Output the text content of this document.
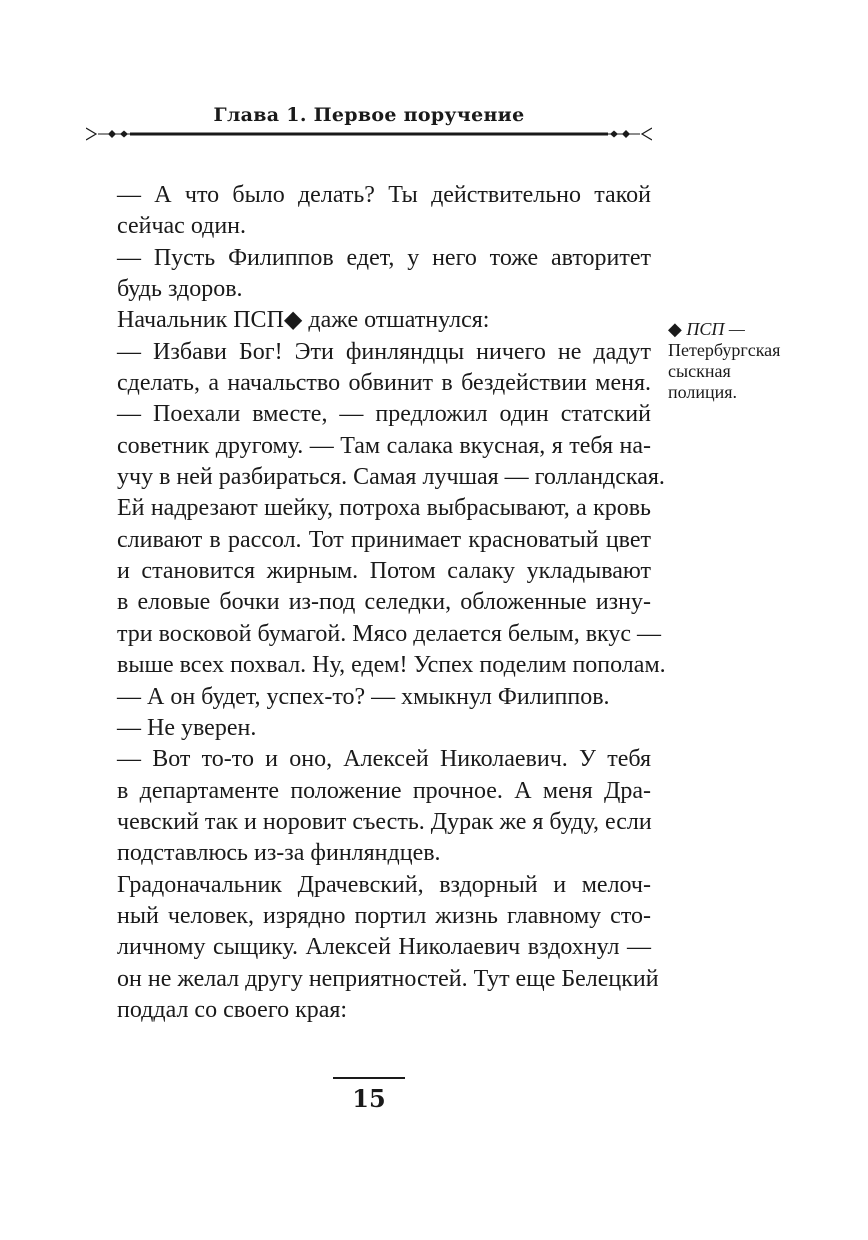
Глава 1. Первое поручение
— А что было делать? Ты действительно такой
сейчас один.
— Пусть Филиппов едет, у него тоже авторитет
будь здоров.
Начальник ПСП◆ даже отшатнулся:
— Избави Бог! Эти финляндцы ничего не дадут
сделать, а начальство обвинит в бездействии меня.
— Поехали вместе, — предложил один статский
советник другому. — Там салака вкусная, я тебя на-
учу в ней разбираться. Самая лучшая — голландская.
Ей надрезают шейку, потроха выбрасывают, а кровь
сливают в рассол. Тот принимает красноватый цвет
и становится жирным. Потом салаку укладывают
в еловые бочки из-под селедки, обложенные изну-
три восковой бумагой. Мясо делается белым, вкус —
выше всех похвал. Ну, едем! Успех поделим пополам.
— А он будет, успех-то? — хмыкнул Филиппов.
— Не уверен.
— Вот то-то и оно, Алексей Николаевич. У тебя
в департаменте положение прочное. А меня Дра-
чевский так и норовит съесть. Дурак же я буду, если
подставлюсь из-за финляндцев.
Градоначальник Драчевский, вздорный и мелоч-
ный человек, изрядно портил жизнь главному сто-
личному сыщику. Алексей Николаевич вздохнул —
он не желал другу неприятностей. Тут еще Белецкий
поддал со своего края:
◆ ПСП —
Петербургская
сыскная
полиция.
15
